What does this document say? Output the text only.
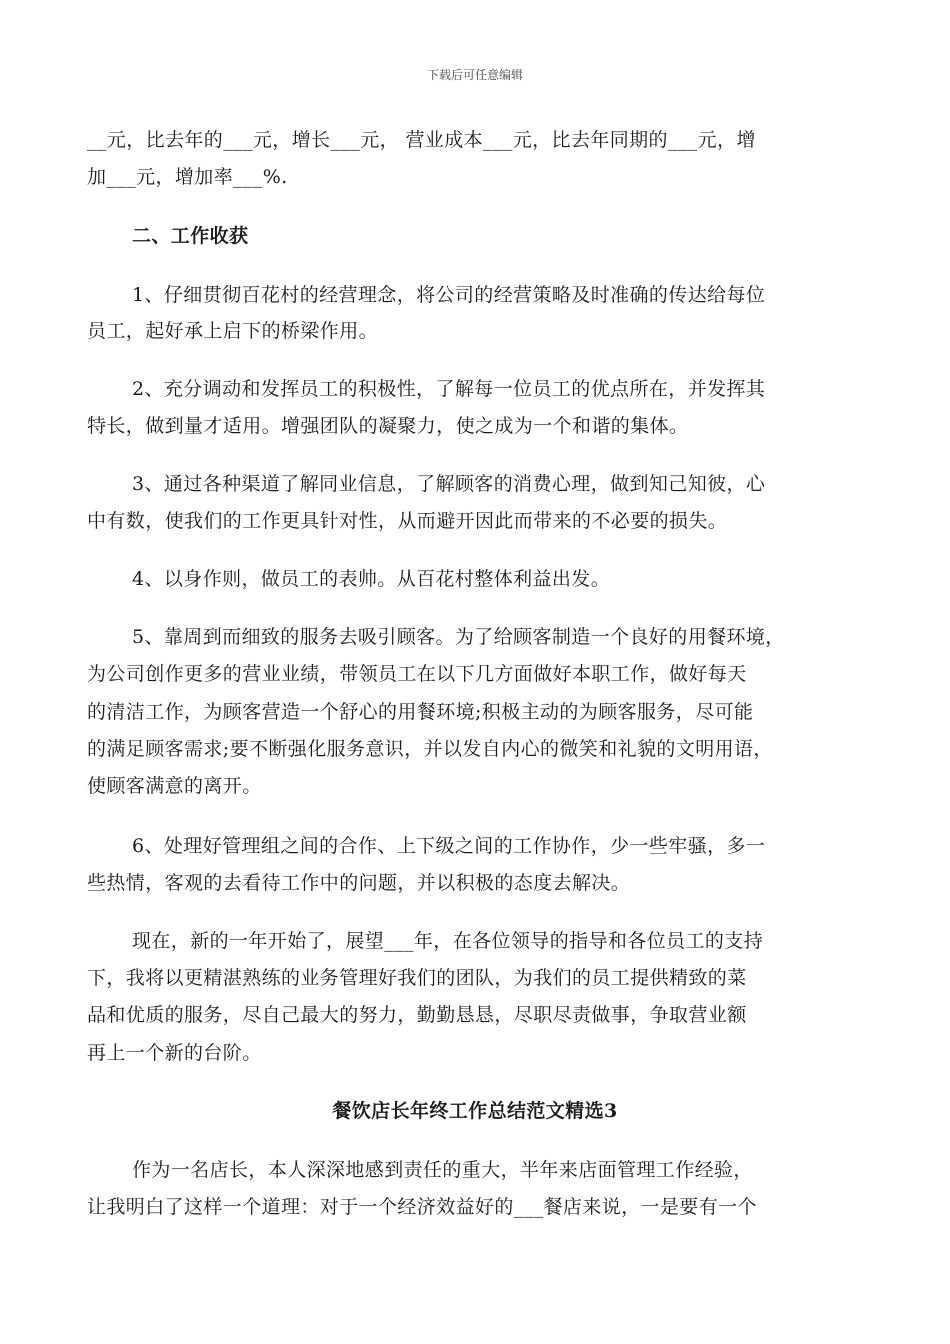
下载后可任意编辑
__元，比去年的___元，增长___元， 营业成本___元，比去年同期的___元，增
加___元，增加率___%.
二、工作收获
1、仔细贯彻百花村的经营理念，将公司的经营策略及时准确的传达给每位
员工，起好承上启下的桥梁作用。
2、充分调动和发挥员工的积极性，了解每一位员工的优点所在，并发挥其
特长，做到量才适用。增强团队的凝聚力，使之成为一个和谐的集体。
3、通过各种渠道了解同业信息，了解顾客的消费心理，做到知己知彼，心
中有数，使我们的工作更具针对性，从而避开因此而带来的不必要的损失。
4、以身作则，做员工的表帅。从百花村整体利益出发。
5、靠周到而细致的服务去吸引顾客。为了给顾客制造一个良好的用餐环境，
为公司创作更多的营业业绩，带领员工在以下几方面做好本职工作，做好每天
的清洁工作，为顾客营造一个舒心的用餐环境;积极主动的为顾客服务，尽可能
的满足顾客需求;要不断强化服务意识，并以发自内心的微笑和礼貌的文明用语，
使顾客满意的离开。
6、处理好管理组之间的合作、上下级之间的工作协作，少一些牢骚，多一
些热情，客观的去看待工作中的问题，并以积极的态度去解决。
现在，新的一年开始了，展望___年，在各位领导的指导和各位员工的支持
下，我将以更精湛熟练的业务管理好我们的团队，为我们的员工提供精致的菜
品和优质的服务，尽自己最大的努力，勤勤恳恳，尽职尽责做事，争取营业额
再上一个新的台阶。
餐饮店长年终工作总结范文精选3
作为一名店长，本人深深地感到责任的重大，半年来店面管理工作经验，
让我明白了这样一个道理：对于一个经济效益好的___餐店来说，一是要有一个
